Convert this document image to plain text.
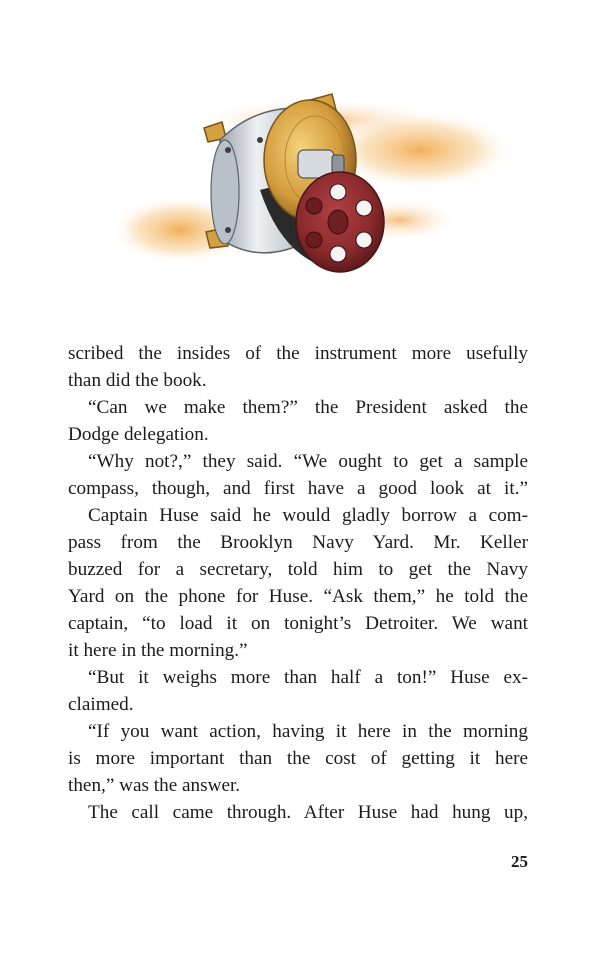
scribed the insides of the instrument more usefully
than did the book.
“Can we make them?” the President asked the
Dodge delegation.
“Why not?,” they said. “We ought to get a sample
compass, though, and first have a good look at it.”
Captain Huse said he would gladly borrow a com-
pass from the Brooklyn Navy Yard. Mr. Keller
buzzed for a secretary, told him to get the Navy
Yard on the phone for Huse. “Ask them,” he told the
captain, “to load it on tonight’s Detroiter. We want
it here in the morning.”
“But it weighs more than half a ton!” Huse ex-
claimed.
“If you want action, having it here in the morning
is more important than the cost of getting it here
then,” was the answer.
The call came through. After Huse had hung up,
25
